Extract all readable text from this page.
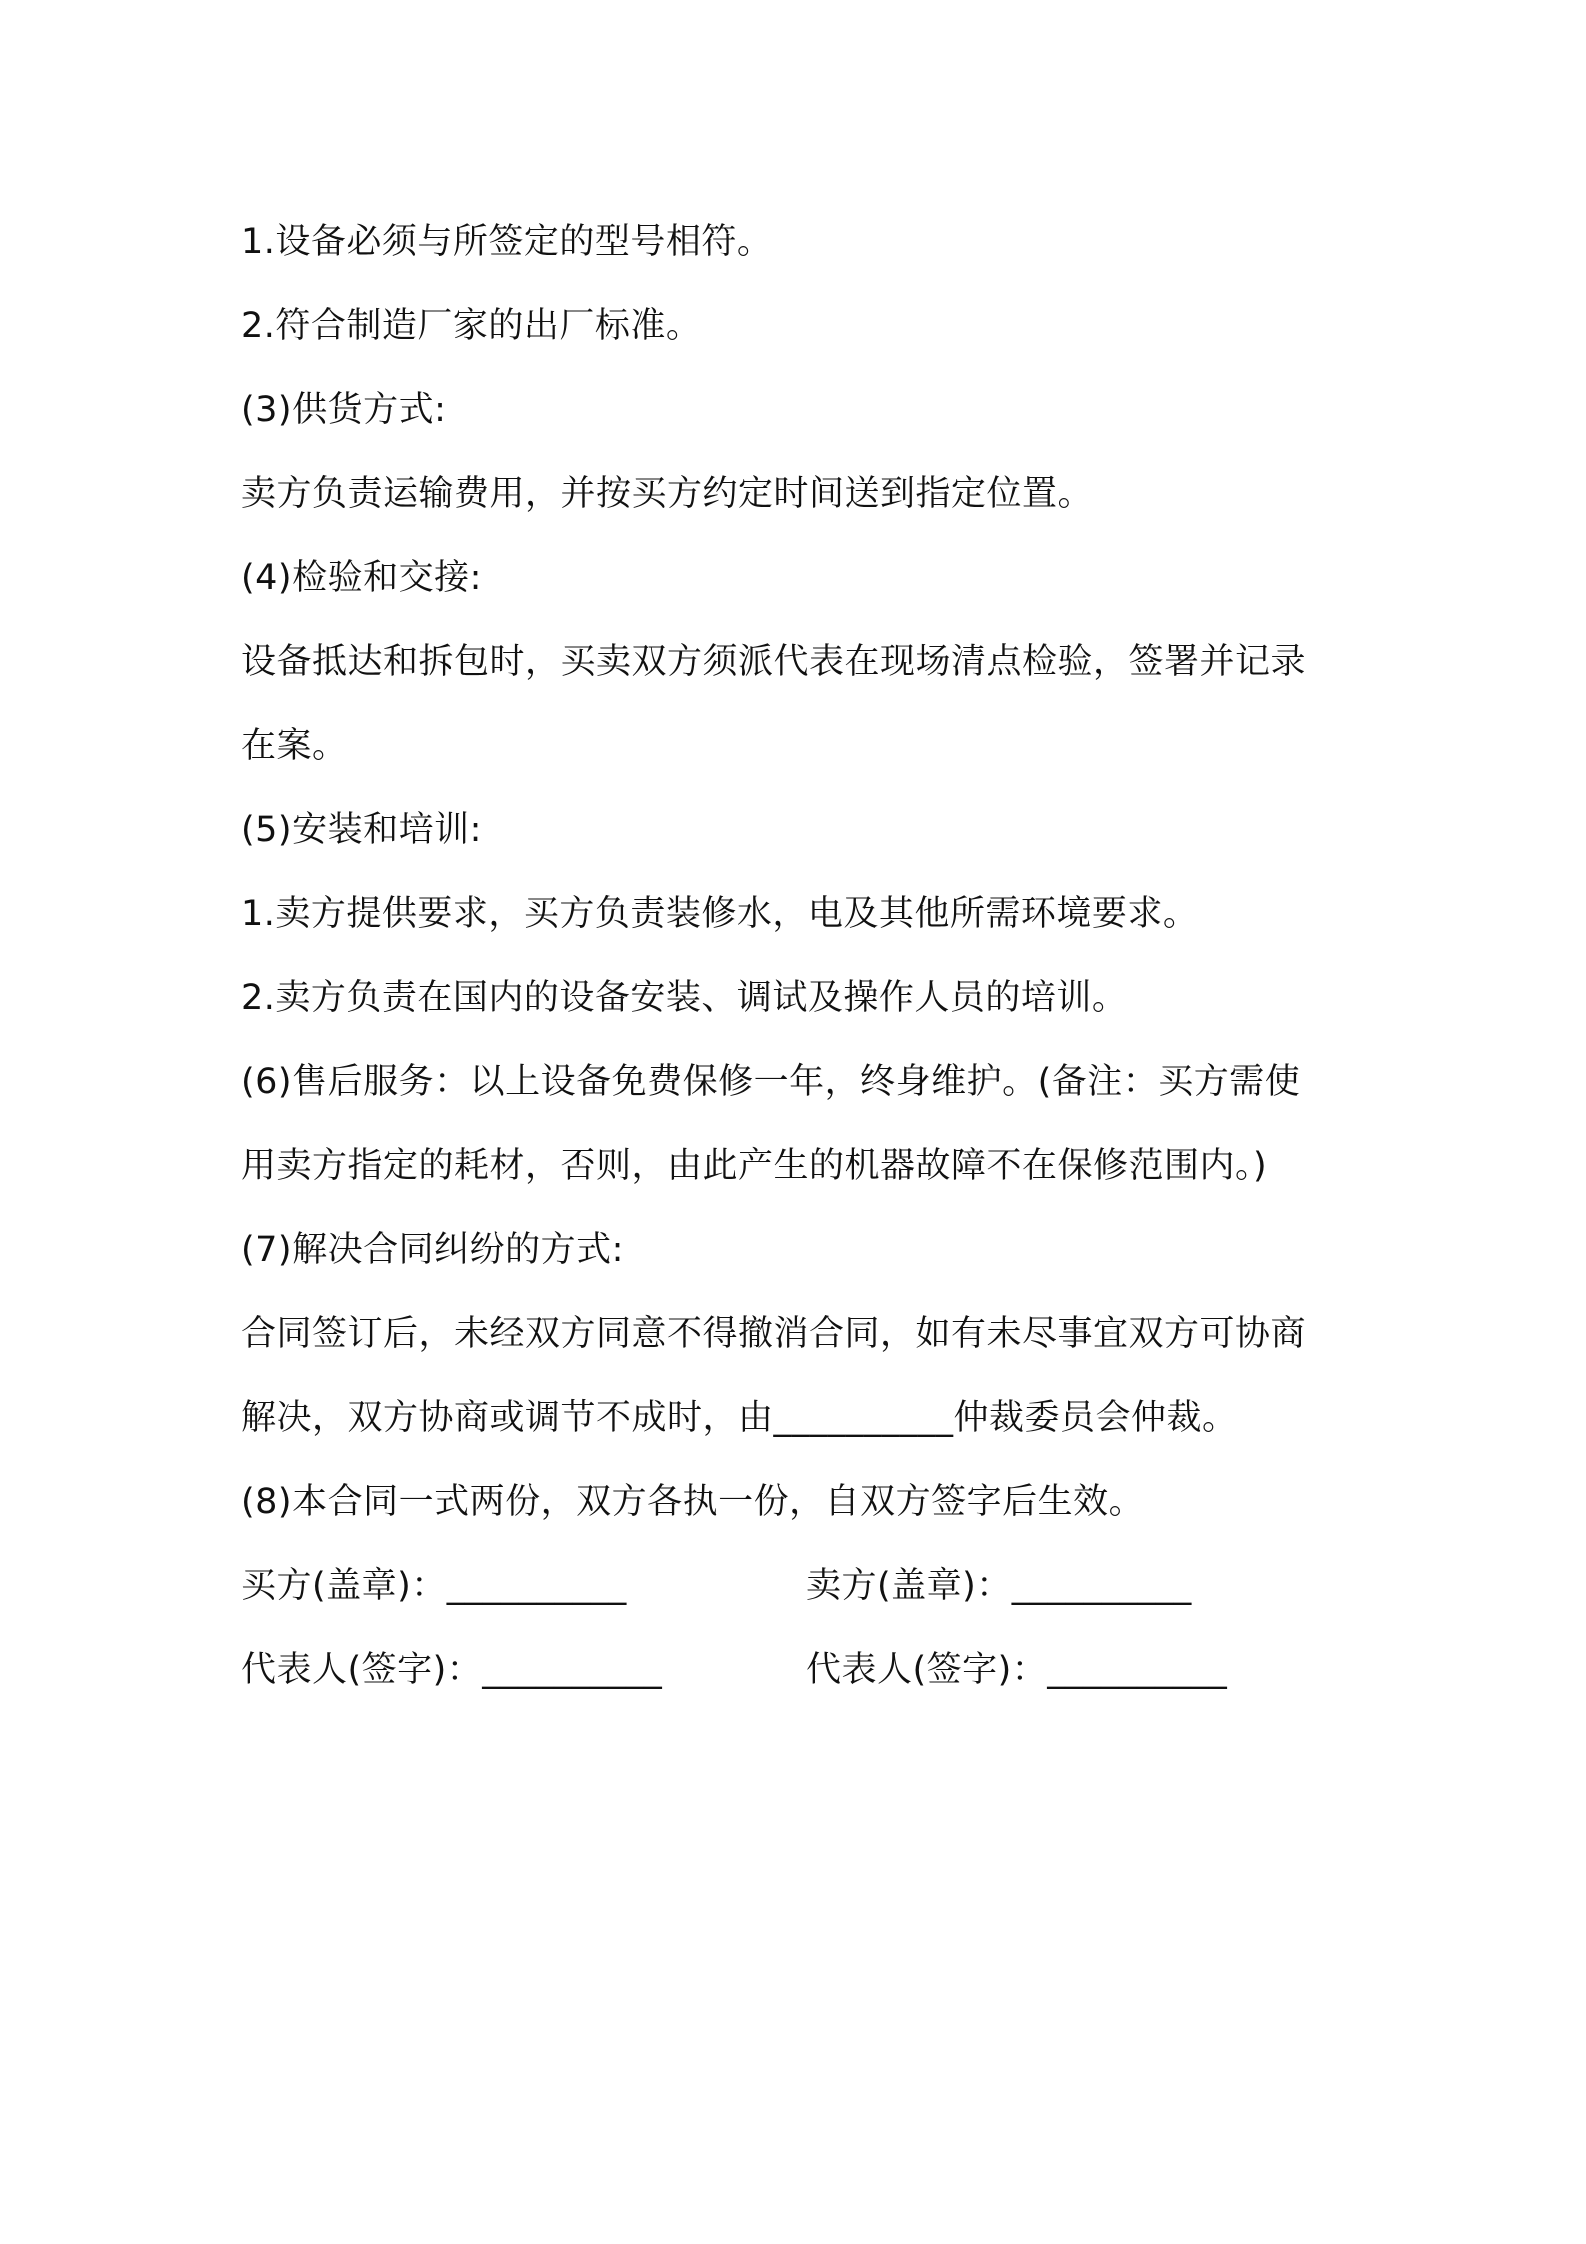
1.设备必须与所签定的型号相符。
2.符合制造厂家的出厂标准。
(3)供货方式:
卖方负责运输费用，并按买方约定时间送到指定位置。
(4)检验和交接:
设备抵达和拆包时，买卖双方须派代表在现场清点检验，签署并记录
在案。
(5)安装和培训:
1.卖方提供要求，买方负责装修水，电及其他所需环境要求。
2.卖方负责在国内的设备安装、调试及操作人员的培训。
(6)售后服务：以上设备免费保修一年，终身维护。(备注：买方需使
用卖方指定的耗材，否则，由此产生的机器故障不在保修范围内。)
(7)解决合同纠纷的方式:
合同签订后，未经双方同意不得撤消合同，如有未尽事宜双方可协商
解决，双方协商或调节不成时，由__________仲裁委员会仲裁。
(8)本合同一式两份，双方各执一份，自双方签字后生效。
买方(盖章)：__________	卖方(盖章)：__________
代表人(签字)：__________	代表人(签字)：__________
